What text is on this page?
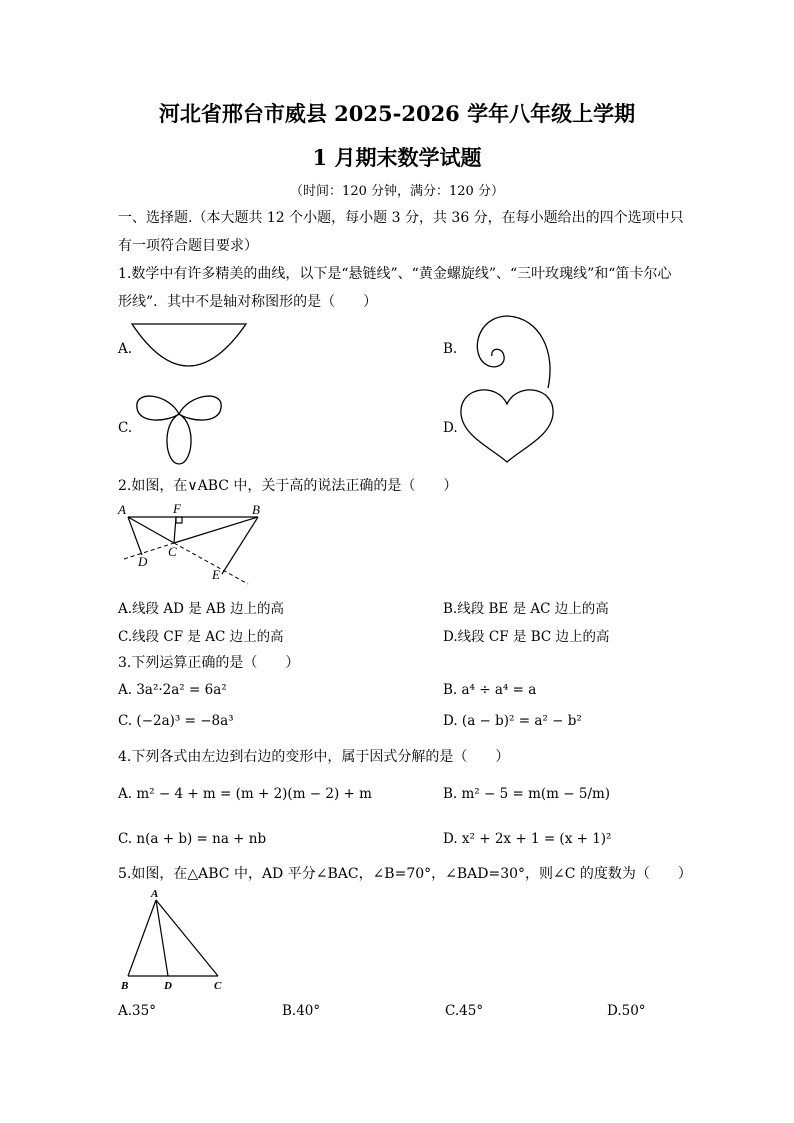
河北省邢台市威县 2025-2026 学年八年级上学期
1 月期末数学试题
（时间：120 分钟，满分：120 分）
一、选择题.（本大题共 12 个小题，每小题 3 分，共 36 分，在每小题给出的四个选项中只
有一项符合题目要求）
1.数学中有许多精美的曲线，以下是“悬链线”、“黄金螺旋线”、“三叶玫瑰线”和“笛卡尔心
形线”．其中不是轴对称图形的是（　　）
A.	B.
C.	D.
2.如图，在∨ABC 中，关于高的说法正确的是（　　）
A	F	B
C
D
E
A.线段 AD 是 AB 边上的高	B.线段 BE 是 AC 边上的高
C.线段 CF 是 AC 边上的高	D.线段 CF 是 BC 边上的高
3.下列运算正确的是（　　）
A. 3a²·2a² = 6a²	B. a⁴ ÷ a⁴ = a
C. (−2a)³ = −8a³	D. (a − b)² = a² − b²
4.下列各式由左边到右边的变形中，属于因式分解的是（　　）
A. m² − 4 + m = (m + 2)(m − 2) + m	B. m² − 5 = m(m − 5/m)
C. n(a + b) = na + nb	D. x² + 2x + 1 = (x + 1)²
5.如图，在△ABC 中，AD 平分∠BAC，∠B=70°，∠BAD=30°，则∠C 的度数为（　　）
A
B	D	C
A.35°	B.40°	C.45°	D.50°
